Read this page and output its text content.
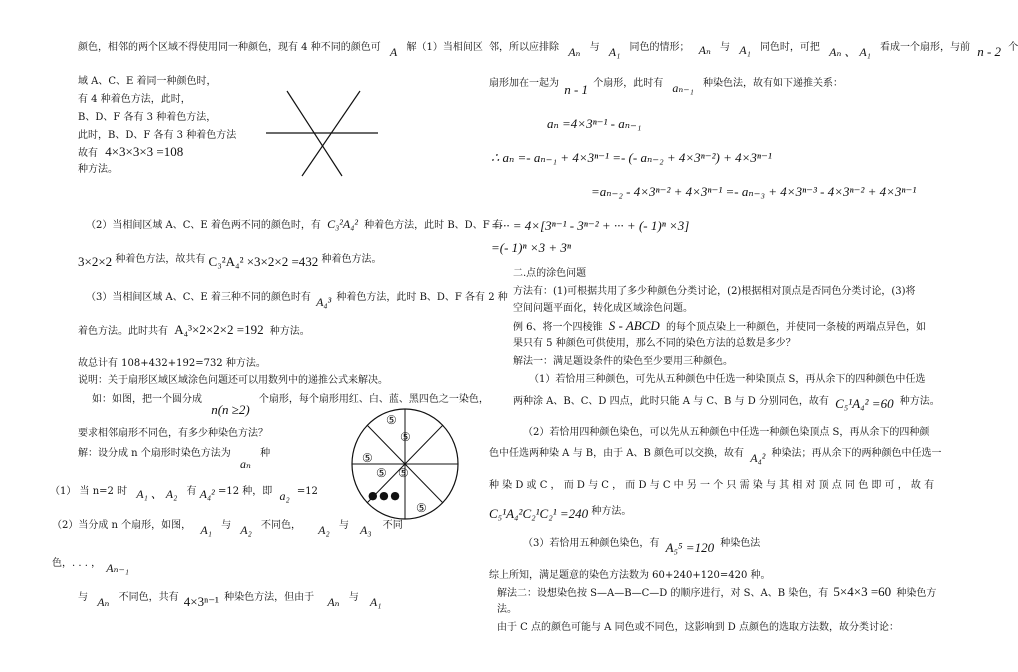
颜色，相邻的两个区域不得使用同一种颜色，现有 4 种不同的颜色可 A 解（1）当相间区
域 A、C、E 着同一种颜色时，
有 4 种着色方法，此时，
B、D、F 各有 3 种着色方法，
此时，B、D、F 各有 3 种着色方法
故有 4×3×3×3 =108
种方法。
（2）当相间区域 A、C、E 着色两不同的颜色时，有 C₃²A₄² 种着色方法，此时 B、D、F 有
3×2×2 种着色方法，故共有 C₃²A₄² ×3×2×2 =432 种着色方法。
（3）当相间区域 A、C、E 着三种不同的颜色时有 A₄³ 种着色方法，此时 B、D、F 各有 2 种
着色方法。此时共有 A₄³×2×2×2 =192 种方法。
故总计有 108+432+192=732 种方法。
说明：关于扇形区域区域涂色问题还可以用数列中的递推公式来解决。
如：如图，把一个圆分成 n(n ≥2) 个扇形，每个扇形用红、白、蓝、黑四色之一染色，
要求相邻扇形不同色，有多少种染色方法？
解：设分成 n 个扇形时染色方法为 aₙ 种
（1） 当 n=2 时 A₁ 、 A₂ 有 A₄² =12 种，即 a₂ =12
（2）当分成 n 个扇形，如图， A₁ 与 A₂ 不同色， A₂ 与 A₃ 不同
色，. . . ， Aₙ₋₁
与 Aₙ 不同色，共有 4×3ⁿ⁻¹ 种染色方法，但由于 Aₙ 与 A₁
⑤
⑤
⑤
⑤ ⑤
⑤
● ● ●
邻，所以应排除 Aₙ 与 A₁ 同色的情形； Aₙ 与 A₁ 同色时，可把 Aₙ 、 A₁ 看成一个扇形，与前 n - 2 个
扇形加在一起为 n - 1 个扇形，此时有 aₙ₋₁ 种染色法，故有如下递推关系：
aₙ =4×3ⁿ⁻¹ - aₙ₋₁
∴ aₙ =- aₙ₋₁ + 4×3ⁿ⁻¹ =- (- aₙ₋₂ + 4×3ⁿ⁻²) + 4×3ⁿ⁻¹
=aₙ₋₂ - 4×3ⁿ⁻² + 4×3ⁿ⁻¹ =- aₙ₋₃ + 4×3ⁿ⁻³ - 4×3ⁿ⁻² + 4×3ⁿ⁻¹
=··· = 4×[3ⁿ⁻¹ - 3ⁿ⁻² + ··· + (- 1)ⁿ ×3]
=(- 1)ⁿ ×3 + 3ⁿ
二.点的涂色问题
方法有：(1)可根据共用了多少种颜色分类讨论，(2)根据相对顶点是否同色分类讨论，(3)将
空间问题平面化，转化成区域涂色问题。
例 6、将一个四棱锥 S - ABCD 的每个顶点染上一种颜色，并使同一条棱的两端点异色，如
果只有 5 种颜色可供使用，那么不同的染色方法的总数是多少？
解法一：满足题设条件的染色至少要用三种颜色。
（1）若恰用三种颜色，可先从五种颜色中任选一种染顶点 S，再从余下的四种颜色中任选
两种涂 A、B、C、D 四点，此时只能 A 与 C、B 与 D 分别同色，故有 C₅¹A₄² =60 种方法。
（2）若恰用四种颜色染色，可以先从五种颜色中任选一种颜色染顶点 S，再从余下的四种颜
色中任选两种染 A 与 B，由于 A、B 颜色可以交换，故有 A₄² 种染法；再从余下的两种颜色中任选一
种 染 D 或 C ， 而 D 与 C ， 而 D 与 C 中 另 一 个 只 需 染 与 其 相 对 顶 点 同 色 即 可 ， 故 有
C₅¹A₄²C₂¹C₂¹ =240 种方法。
（3）若恰用五种颜色染色，有 A₅⁵ =120 种染色法
综上所知，满足题意的染色方法数为 60+240+120=420 种。
解法二：设想染色按 S—A—B—C—D 的顺序进行，对 S、A、B 染色，有 5×4×3 =60 种染色方
法。
由于 C 点的颜色可能与 A 同色或不同色，这影响到 D 点颜色的选取方法数，故分类讨论：
